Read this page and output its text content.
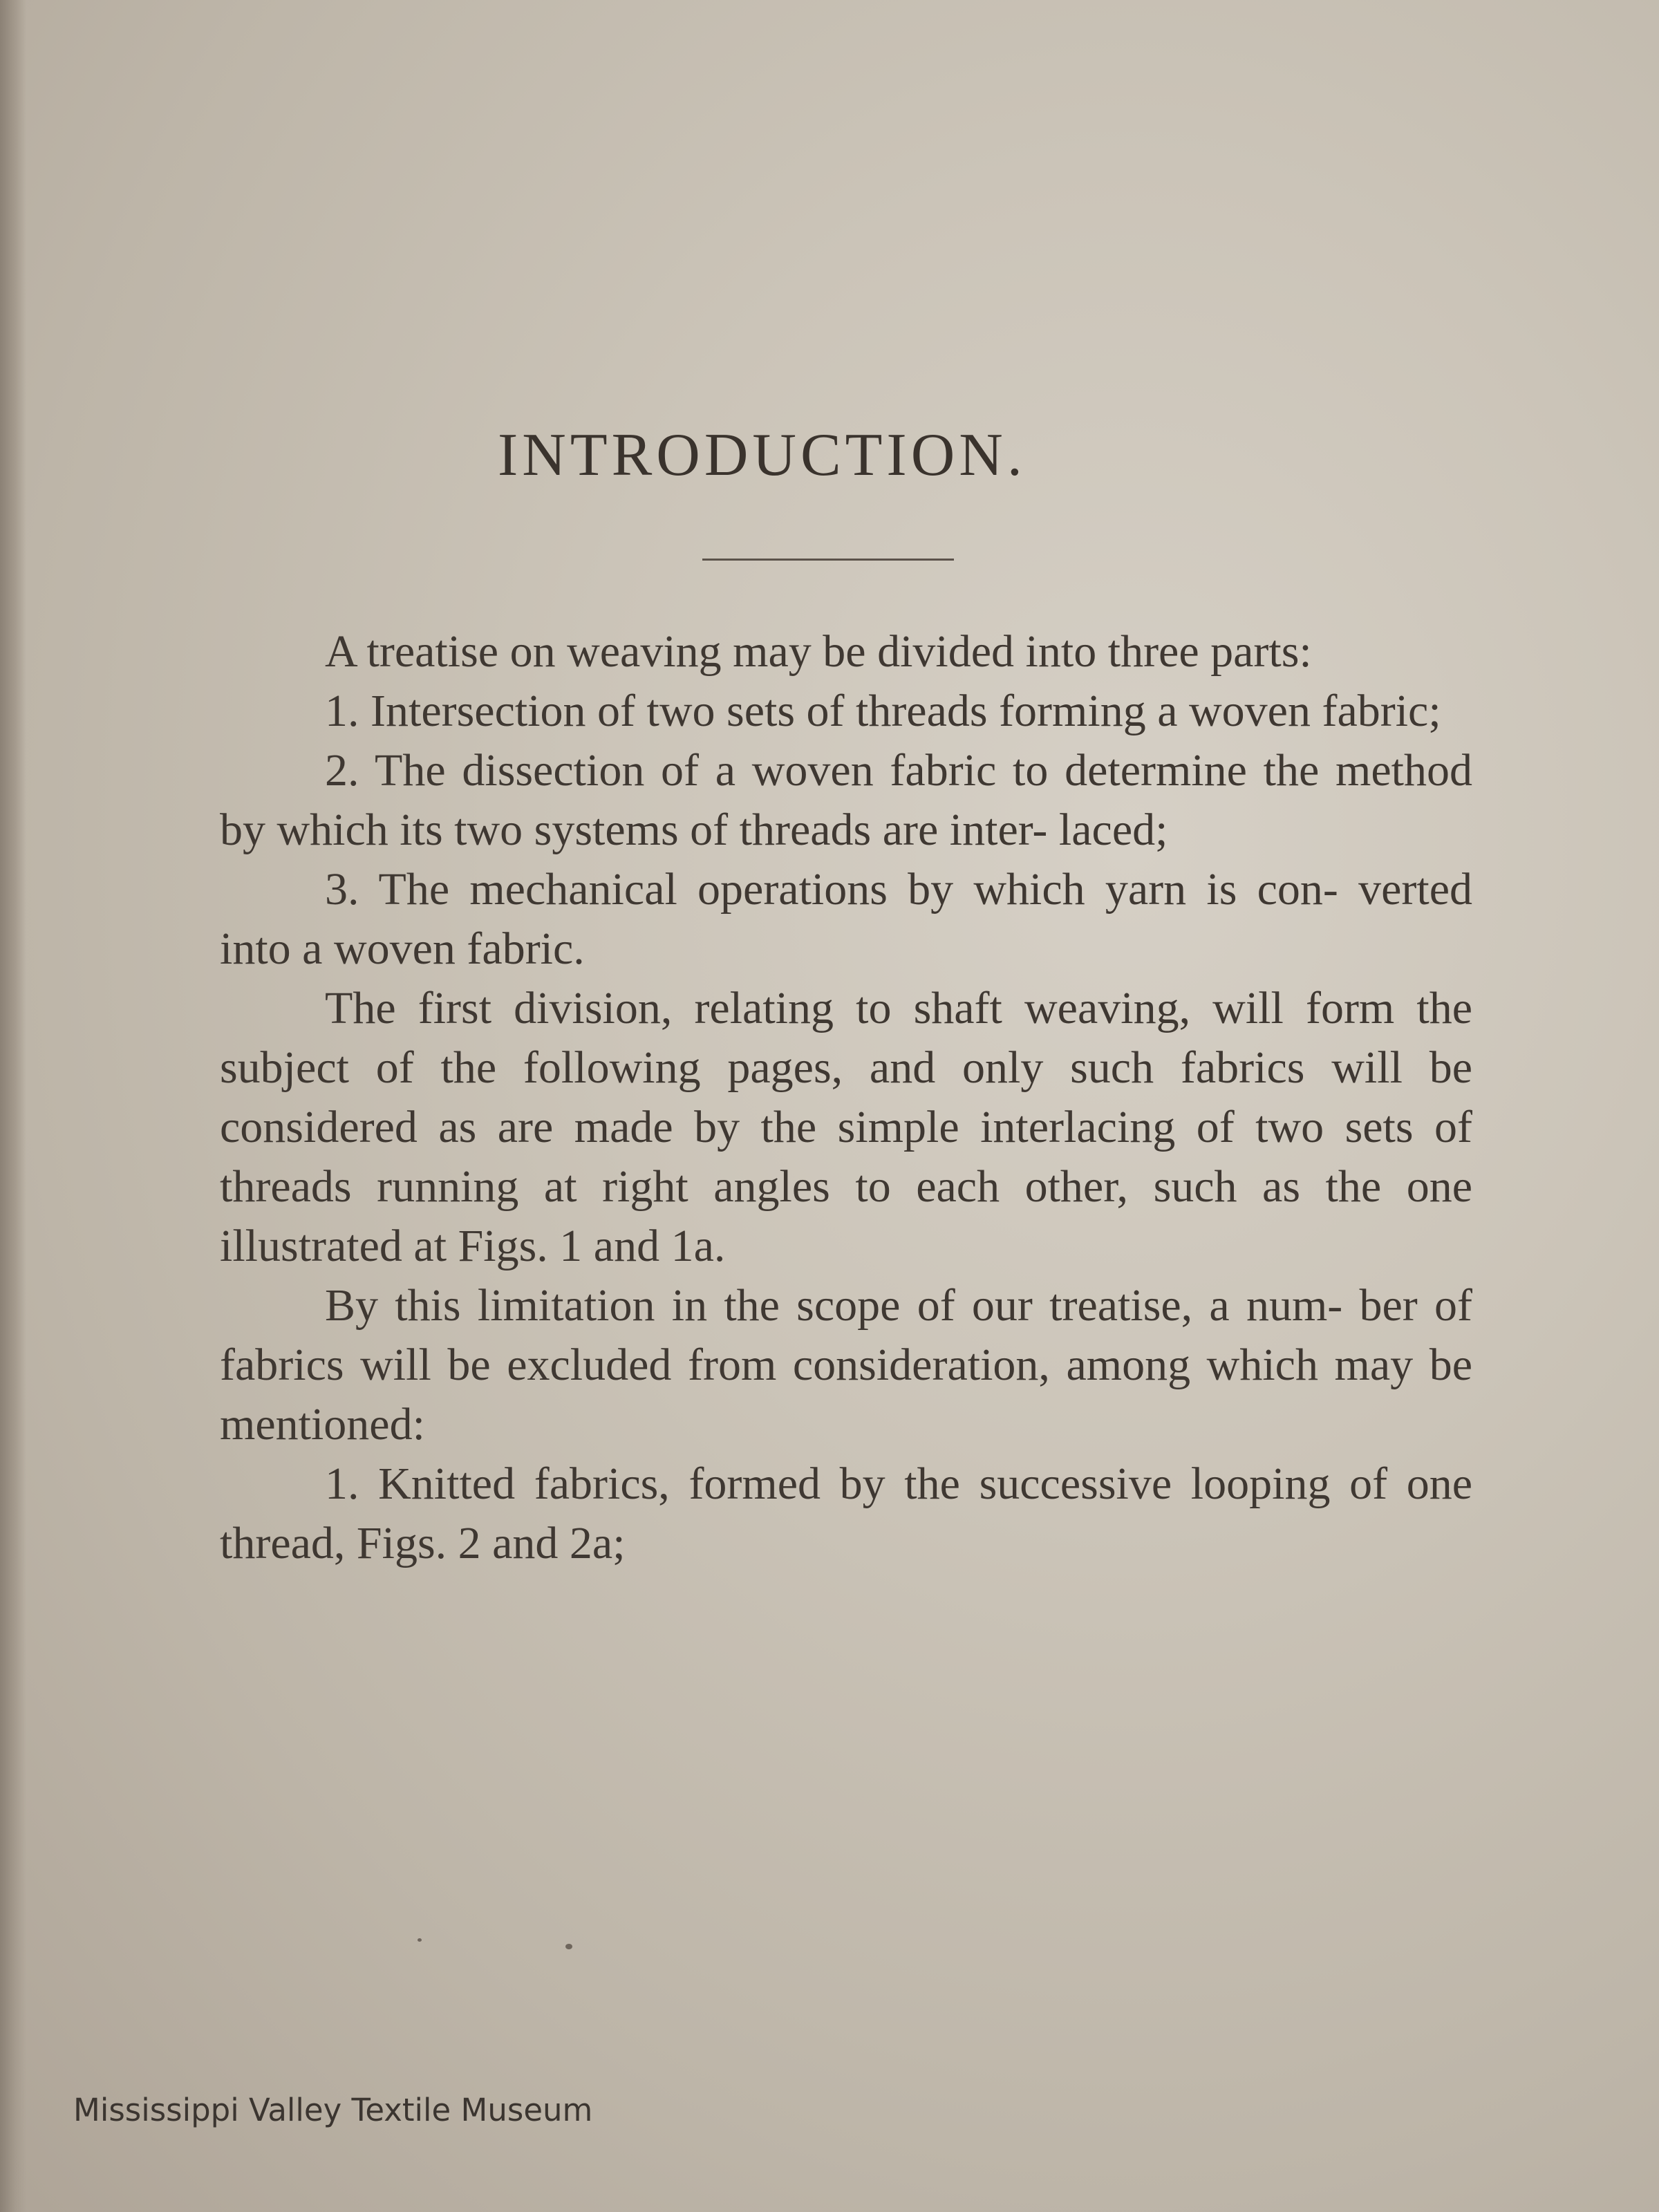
INTRODUCTION.

A treatise on weaving may be divided into three parts:

1. Intersection of two sets of threads forming a woven fabric;

2. The dissection of a woven fabric to determine the method by which its two systems of threads are inter- laced;

3. The mechanical operations by which yarn is con- verted into a woven fabric.

The first division, relating to shaft weaving, will form the subject of the following pages, and only such fabrics will be considered as are made by the simple interlacing of two sets of threads running at right angles to each other, such as the one illustrated at Figs. 1 and 1a.

By this limitation in the scope of our treatise, a num- ber of fabrics will be excluded from consideration, among which may be mentioned:

1. Knitted fabrics, formed by the successive looping of one thread, Figs. 2 and 2a;

Mississippi Valley Textile Museum
